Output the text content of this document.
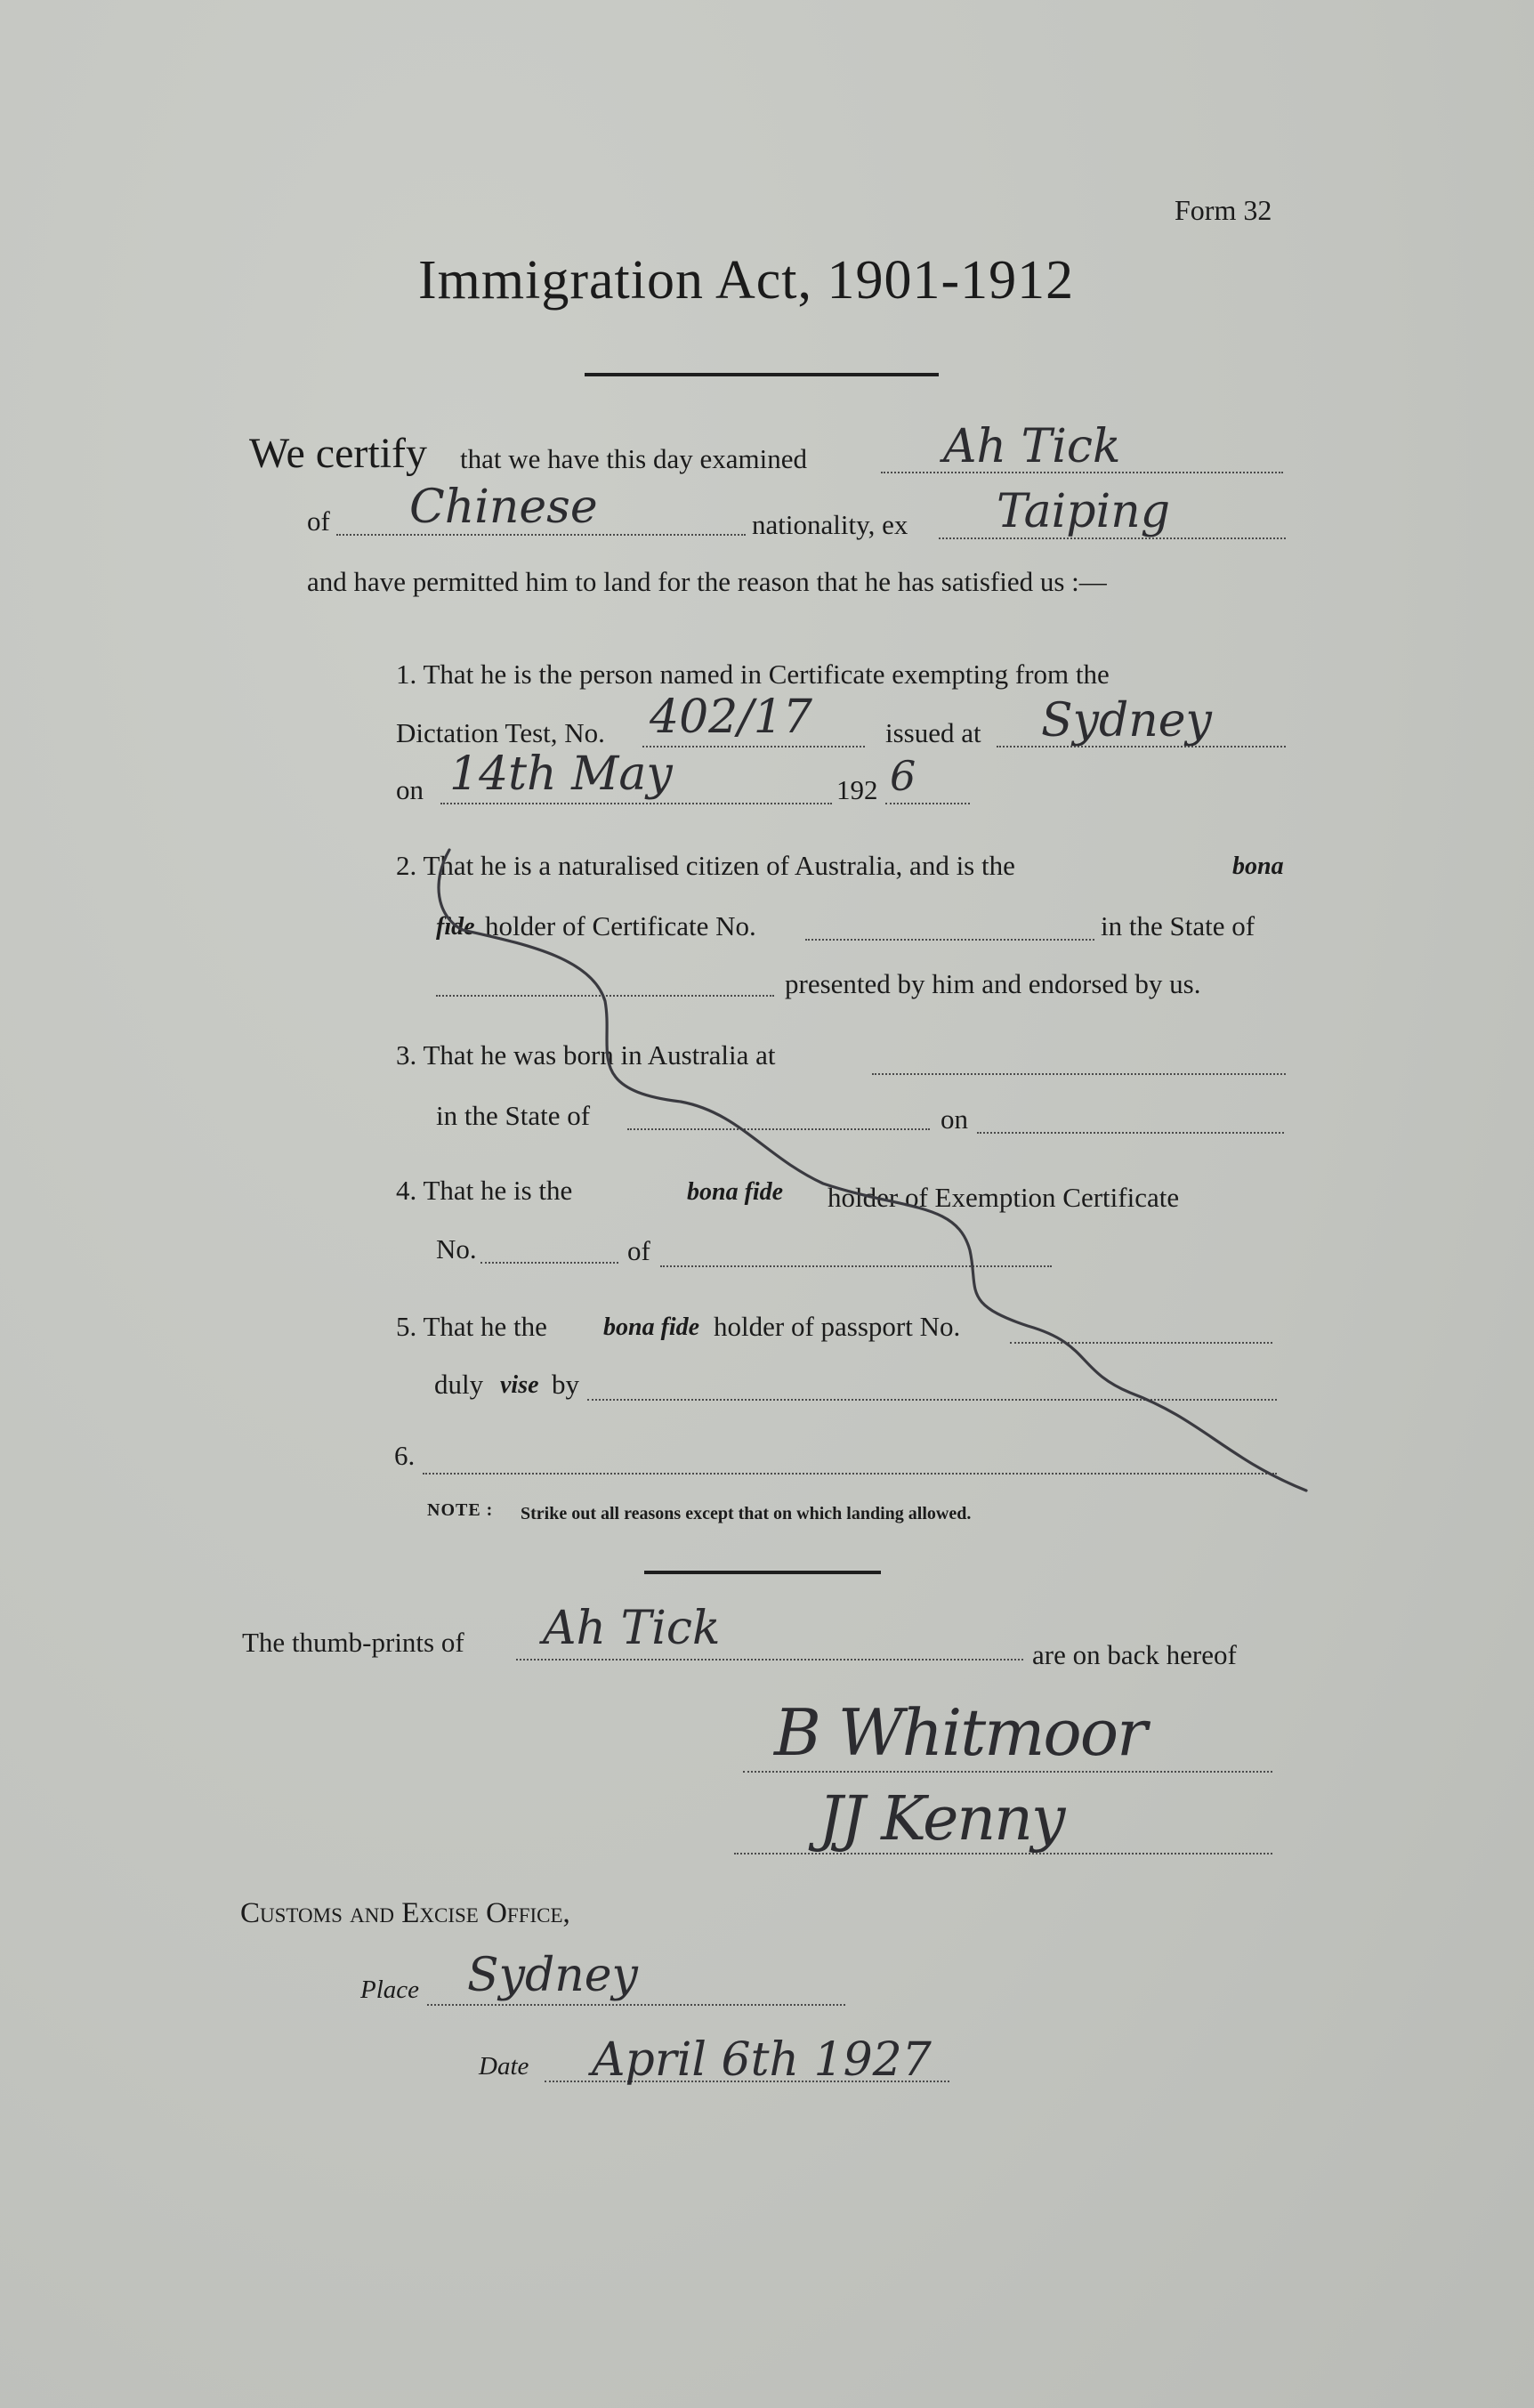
Form 32
Immigration Act, 1901-1912
We certify that we have this day examined	Ah Tick
of Chinese	nationality, ex Taiping
and have permitted him to land for the reason that he has satisfied us :—
1. That he is the person named in Certificate exempting from the
Dictation Test, No. 402/17	issued at Sydney
on 14th May	192 6
2. That he is a naturalised citizen of Australia, and is the	bona
fide holder of Certificate No.	in the State of
presented by him and endorsed by us.
3. That he was born in Australia at
in the State of	on
4. That he is the	bona fide holder of Exemption Certificate
No.	of
5. That he the bona fide holder of passport No.
duly vise by
6.
NOTE : Strike out all reasons except that on which landing allowed.
The thumb-prints of Ah Tick	are on back hereof
B Whitmoor
JJ Kenny
Customs and Excise Office,
Place Sydney
Date April 6th 1927
